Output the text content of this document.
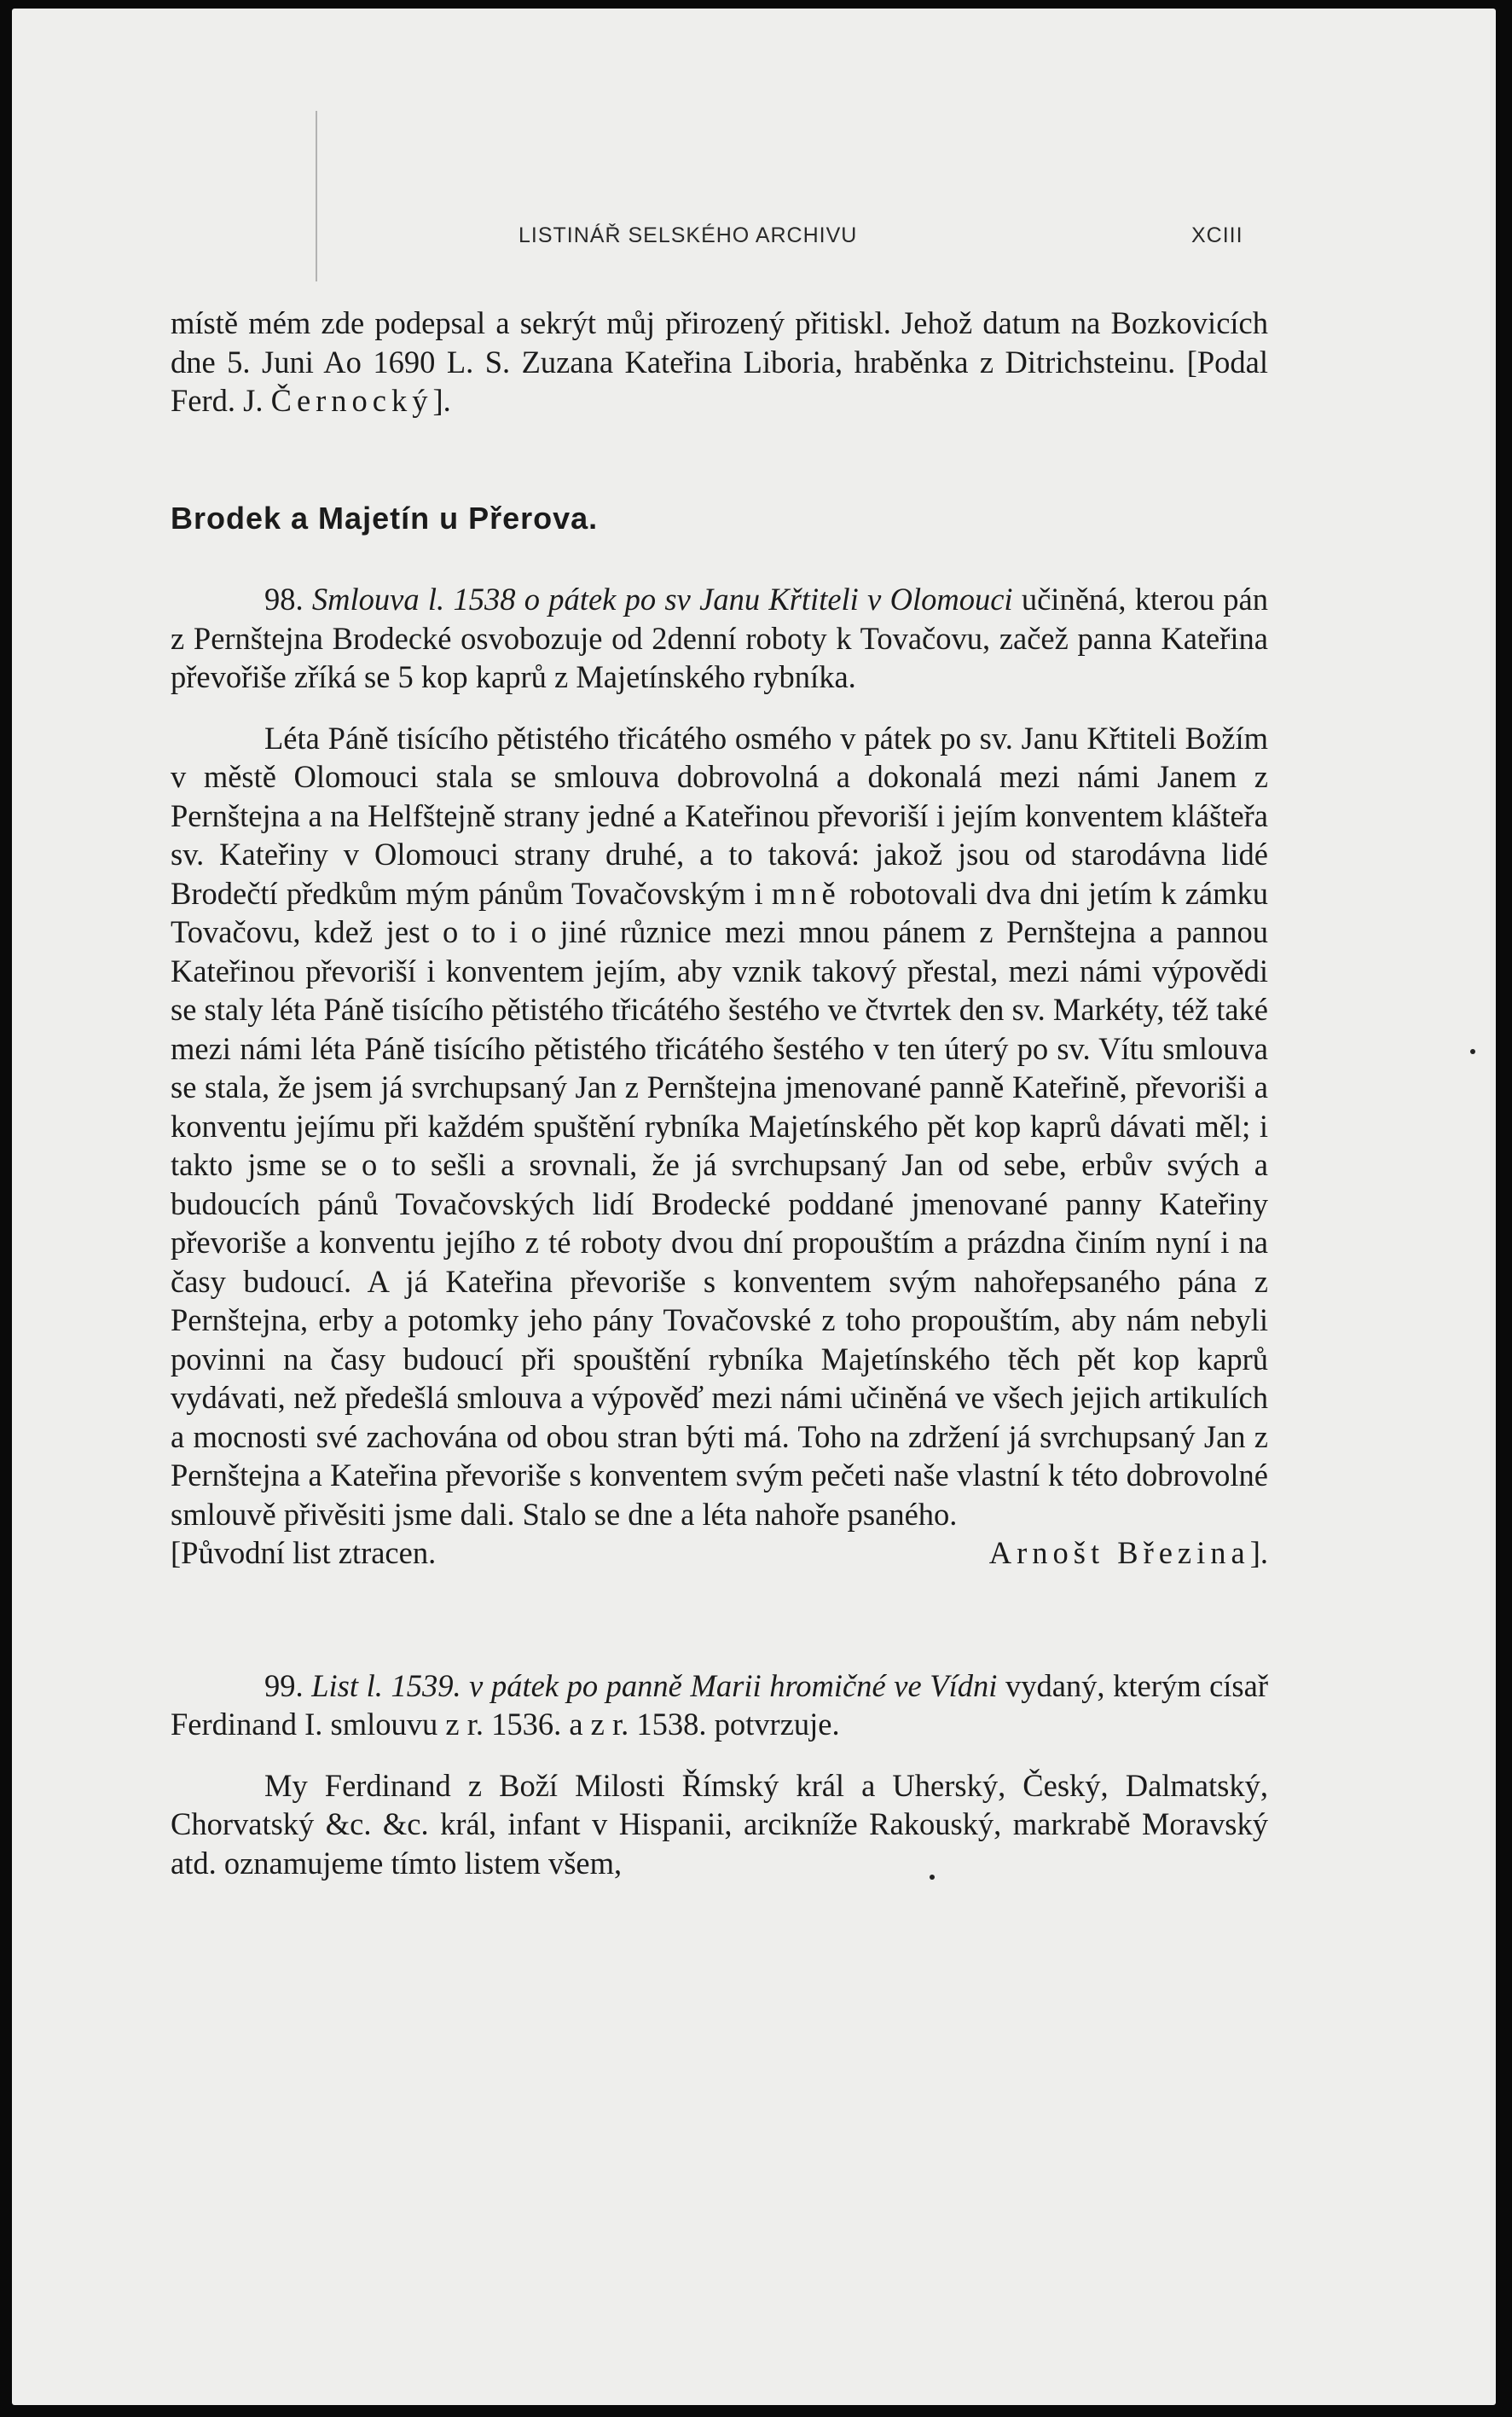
LISTINÁŘ SELSKÉHO ARCHIVU	XCIII

místě mém zde podepsal a sekrýt můj přirozený přitiskl. Jehož datum na Bozkovicích dne 5. Juni Ao 1690 L. S. Zuzana Kateřina Liboria, hraběnka z Ditrichsteinu. [Podal Ferd. J. Černocký].

Brodek a Majetín u Přerova.

98. Smlouva l. 1538 o pátek po sv Janu Křtiteli v Olomouci učiněná, kterou pán z Pernštejna Brodecké osvobozuje od 2denní roboty k Tovačovu, začež panna Kateřina převořiše zříká se 5 kop kaprů z Majetínského rybníka.

Léta Páně tisícího pětistého třicátého osmého v pátek po sv. Janu Křtiteli Božím v městě Olomouci stala se smlouva dobrovolná a dokonalá mezi námi Janem z Pernštejna a na Helfštejně strany jedné a Kateřinou převoriší i jejím konventem klášteřa sv. Kateřiny v Olomouci strany druhé, a to taková: jakož jsou od starodávna lidé Brodečtí předkům mým pánům Tovačovským i mně robotovali dva dni jetím k zámku Tovačovu, kdež jest o to i o jiné různice mezi mnou pánem z Pernštejna a pannou Kateřinou převoriší i konventem jejím, aby vznik takový přestal, mezi námi výpovědi se staly léta Páně tisícího pětistého třicátého šestého ve čtvrtek den sv. Markéty, též také mezi námi léta Páně tisícího pětistého třicátého šestého v ten úterý po sv. Vítu smlouva se stala, že jsem já svrchupsaný Jan z Pernštejna jmenované panně Kateřině, převoriši a konventu jejímu při každém spuštění rybníka Majetínského pět kop kaprů dávati měl; i takto jsme se o to sešli a srovnali, že já svrchupsaný Jan od sebe, erbův svých a budoucích pánů Tovačovských lidí Brodecké poddané jmenované panny Kateřiny převoriše a konventu jejího z té roboty dvou dní propouštím a prázdna činím nyní i na časy budoucí. A já Kateřina převoriše s konventem svým nahořepsaného pána z Pernštejna, erby a potomky jeho pány Tovačovské z toho propouštím, aby nám nebyli povinni na časy budoucí při spouštění rybníka Majetínského těch pět kop kaprů vydávati, než předešlá smlouva a výpověď mezi námi učiněná ve všech jejich artikulích a mocnosti své zachována od obou stran býti má. Toho na zdržení já svrchupsaný Jan z Pernštejna a Kateřina převoriše s konventem svým pečeti naše vlastní k této dobrovolné smlouvě přivěsiti jsme dali. Stalo se dne a léta nahoře psaného.

[Původní list ztracen.	Arnošt Březina].

99. List l. 1539. v pátek po panně Marii hromičné ve Vídni vydaný, kterým císař Ferdinand I. smlouvu z r. 1536. a z r. 1538. potvrzuje.

My Ferdinand z Boží Milosti Římský král a Uherský, Český, Dalmatský, Chorvatský &c. &c. král, infant v Hispanii, arcikníže Rakouský, markrabě Moravský atd. oznamujeme tímto listem všem,
